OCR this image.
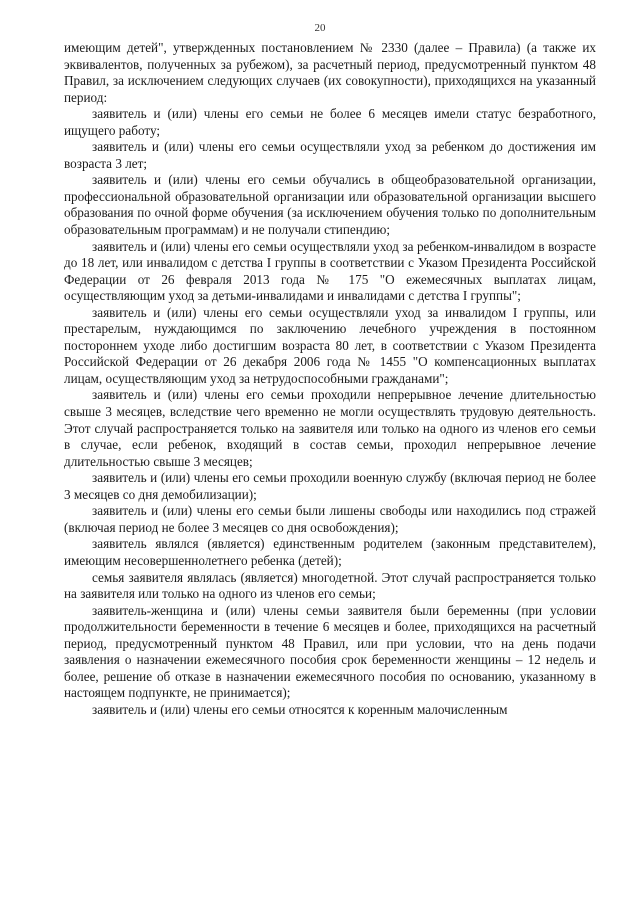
20

имеющим детей", утвержденных постановлением № 2330 (далее – Правила) (а также их эквивалентов, полученных за рубежом), за расчетный период, предусмотренный пунктом 48 Правил, за исключением следующих случаев (их совокупности), приходящихся на указанный период:

заявитель и (или) члены его семьи не более 6 месяцев имели статус безработного, ищущего работу;

заявитель и (или) члены его семьи осуществляли уход за ребенком до достижения им возраста 3 лет;

заявитель и (или) члены его семьи обучались в общеобразовательной организации, профессиональной образовательной организации или образовательной организации высшего образования по очной форме обучения (за исключением обучения только по дополнительным образовательным программам) и не получали стипендию;

заявитель и (или) члены его семьи осуществляли уход за ребенком-инвалидом в возрасте до 18 лет, или инвалидом с детства I группы в соответствии с Указом Президента Российской Федерации от 26 февраля 2013 года № 175 "О ежемесячных выплатах лицам, осуществляющим уход за детьми-инвалидами и инвалидами с детства I группы";

заявитель и (или) члены его семьи осуществляли уход за инвалидом I группы, или престарелым, нуждающимся по заключению лечебного учреждения в постоянном постороннем уходе либо достигшим возраста 80 лет, в соответствии с Указом Президента Российской Федерации от 26 декабря 2006 года № 1455 "О компенсационных выплатах лицам, осуществляющим уход за нетрудоспособными гражданами";

заявитель и (или) члены его семьи проходили непрерывное лечение длительностью свыше 3 месяцев, вследствие чего временно не могли осуществлять трудовую деятельность. Этот случай распространяется только на заявителя или только на одного из членов его семьи в случае, если ребенок, входящий в состав семьи, проходил непрерывное лечение длительностью свыше 3 месяцев;

заявитель и (или) члены его семьи проходили военную службу (включая период не более 3 месяцев со дня демобилизации);

заявитель и (или) члены его семьи были лишены свободы или находились под стражей (включая период не более 3 месяцев со дня освобождения);

заявитель являлся (является) единственным родителем (законным представителем), имеющим несовершеннолетнего ребенка (детей);

семья заявителя являлась (является) многодетной. Этот случай распространяется только на заявителя или только на одного из членов его семьи;

заявитель-женщина и (или) члены семьи заявителя были беременны (при условии продолжительности беременности в течение 6 месяцев и более, приходящихся на расчетный период, предусмотренный пунктом 48 Правил, или при условии, что на день подачи заявления о назначении ежемесячного пособия срок беременности женщины – 12 недель и более, решение об отказе в назначении ежемесячного пособия по основанию, указанному в настоящем подпункте, не принимается);

заявитель и (или) члены его семьи относятся к коренным малочисленным
